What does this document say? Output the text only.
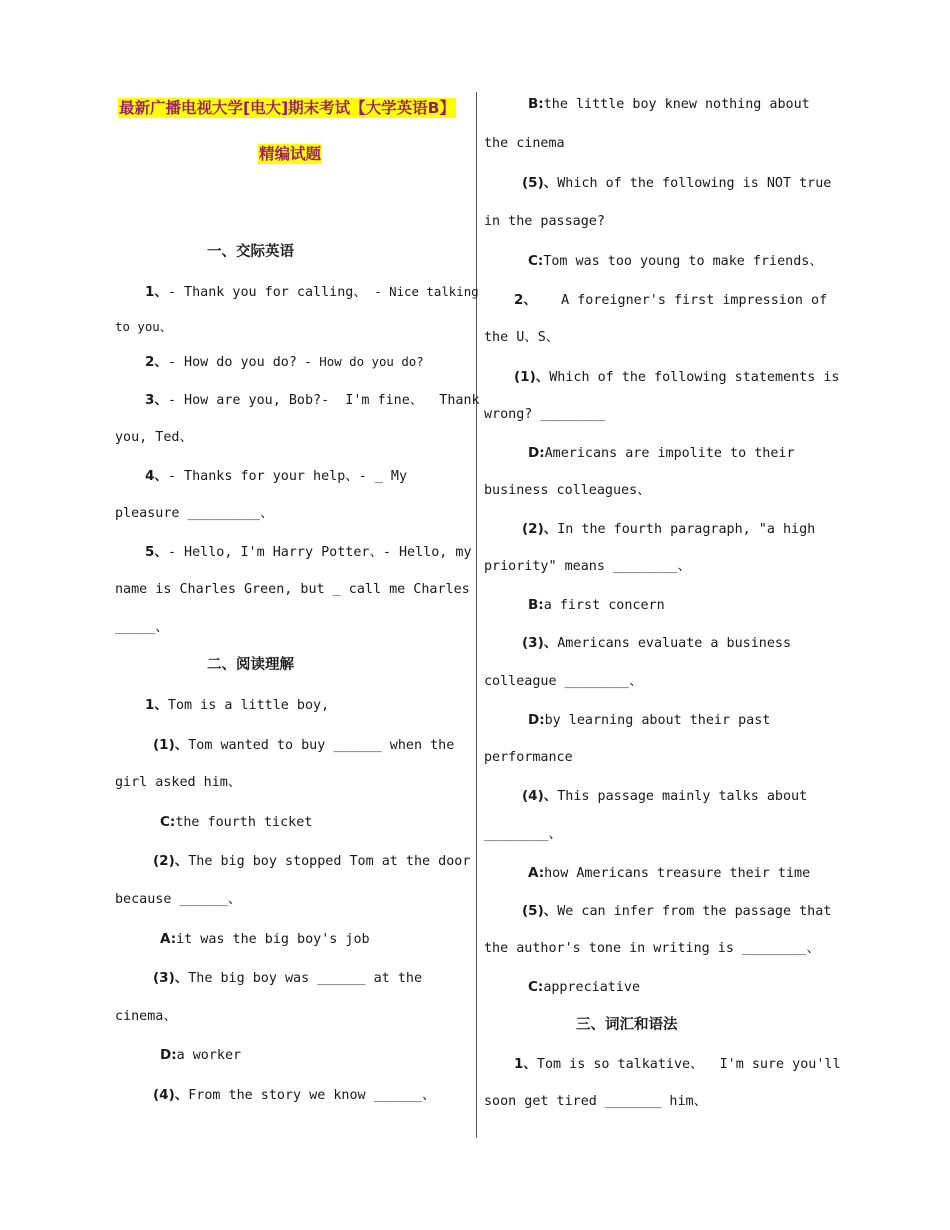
最新广播电视大学[电大]期末考试【大学英语B】
精编试题
一、交际英语
1、- Thank you for calling、 - Nice talking
to you、
2、- How do you do? - How do you do?
3、- How are you, Bob?-  I'm fine、  Thank
you, Ted、
4、- Thanks for your help、- _ My
pleasure _________、
5、- Hello, I'm Harry Potter、- Hello, my
name is Charles Green, but _ call me Charles
_____、
二、阅读理解
1、Tom is a little boy,
(1)、Tom wanted to buy ______ when the
girl asked him、
C:the fourth ticket
(2)、The big boy stopped Tom at the door
because ______、
A:it was the big boy's job
(3)、The big boy was ______ at the
cinema、
D:a worker
(4)、From the story we know ______、
B:the little boy knew nothing about
the cinema
(5)、Which of the following is NOT true
in the passage?
C:Tom was too young to make friends、
2、   A foreigner's first impression of
the U、S、
(1)、Which of the following statements is
wrong? ________
D:Americans are impolite to their
business colleagues、
(2)、In the fourth paragraph, "a high
priority" means ________、
B:a first concern
(3)、Americans evaluate a business
colleague ________、
D:by learning about their past
performance
(4)、This passage mainly talks about
________、
A:how Americans treasure their time
(5)、We can infer from the passage that
the author's tone in writing is ________、
C:appreciative
三、词汇和语法
1、Tom is so talkative、  I'm sure you'll
soon get tired _______ him、
